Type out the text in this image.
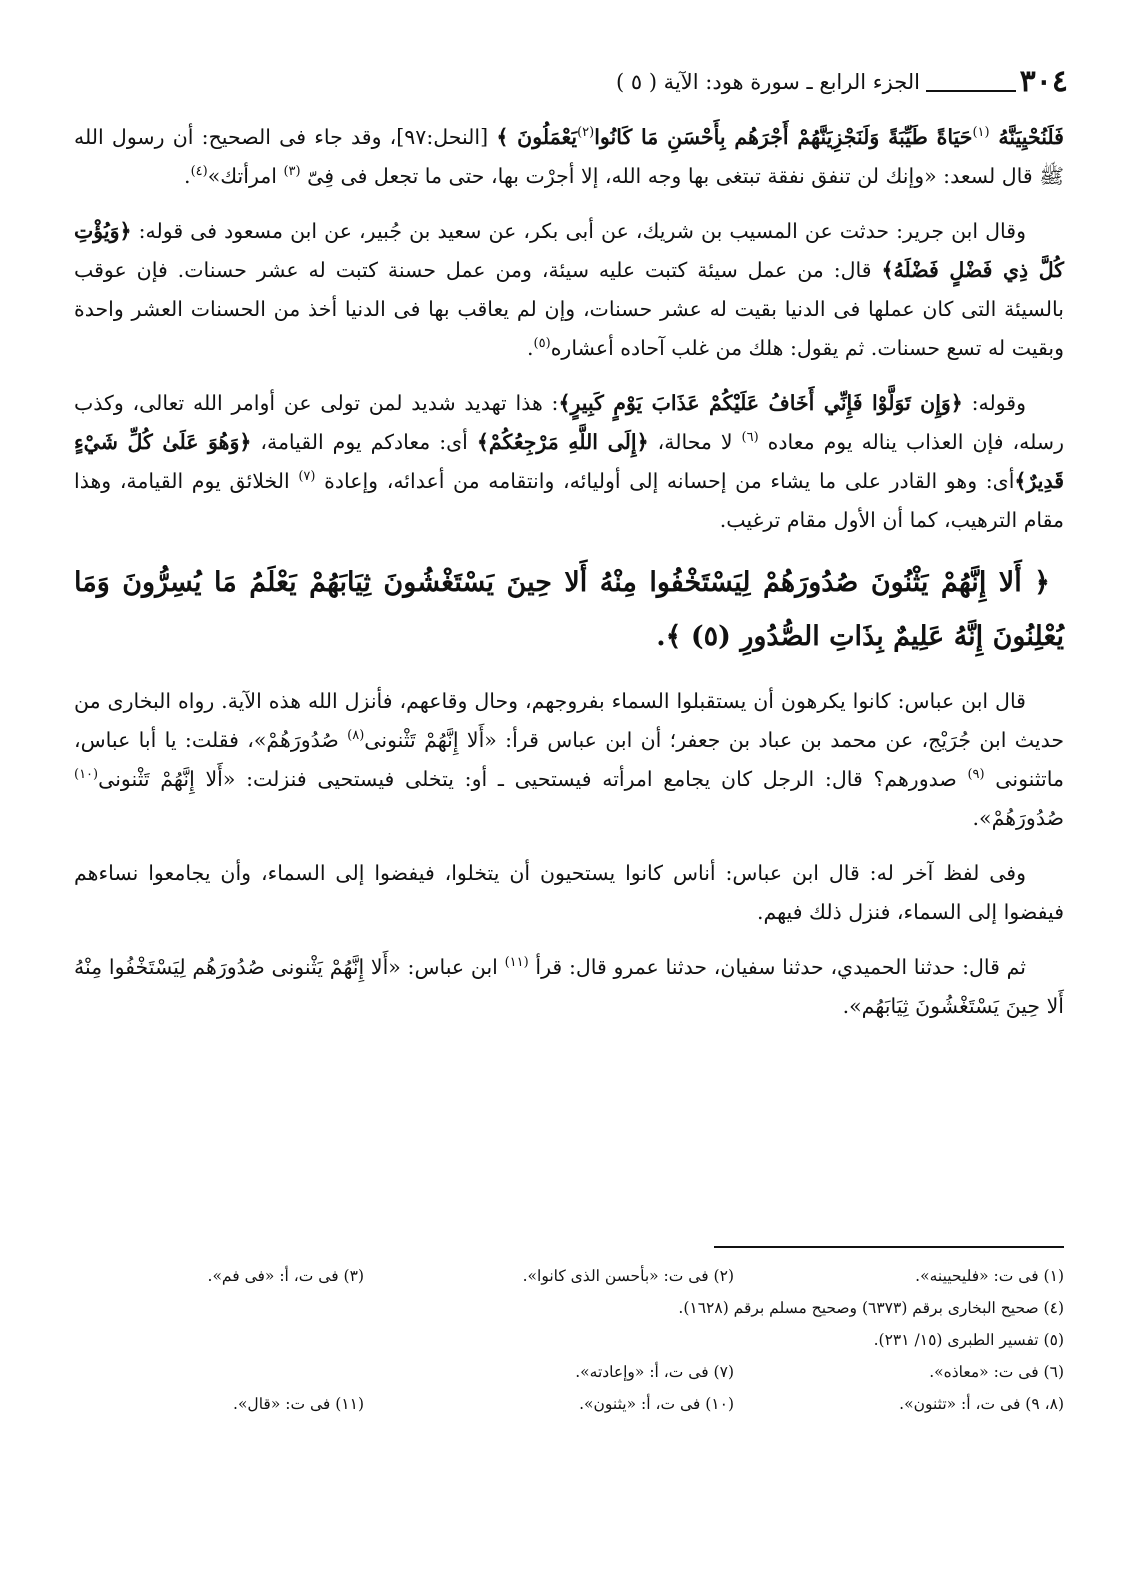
٣٠٤
الجزء الرابع ـ سورة هود: الآية ( ٥ )

فَلَنُحْيِيَنَّهُ $^{(١)}$حَيَاةً طَيِّبَةً وَلَنَجْزِيَنَّهُمْ أَجْرَهُم بِأَحْسَنِ مَا كَانُوا$^{(٢)}$يَعْمَلُونَ ﴾ [النحل:٩٧]، وقد جاء فى الصحيح: أن رسول الله ﷺ قال لسعد: «وإنك لن تنفق نفقة تبتغى بها وجه الله، إلا أجرْت بها، حتى ما تجعل فى فِىّ $^{(٣)}$ امرأتك»$^{(٤)}$.

وقال ابن جرير: حدثت عن المسيب بن شريك، عن أبى بكر، عن سعيد بن جُبير، عن ابن مسعود فى قوله: ﴿وَيُؤْتِ كُلَّ ذِي فَضْلٍ فَضْلَهُ﴾ قال: من عمل سيئة كتبت عليه سيئة، ومن عمل حسنة كتبت له عشر حسنات. فإن عوقب بالسيئة التى كان عملها فى الدنيا بقيت له عشر حسنات، وإن لم يعاقب بها فى الدنيا أخذ من الحسنات العشر واحدة وبقيت له تسع حسنات. ثم يقول: هلك من غلب آحاده أعشاره$^{(٥)}$.

وقوله: ﴿وَإِن تَوَلَّوْا فَإِنِّي أَخَافُ عَلَيْكُمْ عَذَابَ يَوْمٍ كَبِيرٍ﴾: هذا تهديد شديد لمن تولى عن أوامر الله تعالى، وكذب رسله، فإن العذاب يناله يوم معاده $^{(٦)}$ لا محالة، ﴿إِلَى اللَّهِ مَرْجِعُكُمْ﴾ أى: معادكم يوم القيامة، ﴿وَهُوَ عَلَىٰ كُلِّ شَيْءٍ قَدِيرٌ﴾أى: وهو القادر على ما يشاء من إحسانه إلى أوليائه، وانتقامه من أعدائه، وإعادة $^{(٧)}$ الخلائق يوم القيامة، وهذا مقام الترهيب، كما أن الأول مقام ترغيب.

﴿ أَلا إِنَّهُمْ يَثْنُونَ صُدُورَهُمْ لِيَسْتَخْفُوا مِنْهُ أَلا حِينَ يَسْتَغْشُونَ ثِيَابَهُمْ يَعْلَمُ مَا يُسِرُّونَ وَمَا يُعْلِنُونَ إِنَّهُ عَلِيمٌ بِذَاتِ الصُّدُورِ (٥) ﴾.

قال ابن عباس: كانوا يكرهون أن يستقبلوا السماء بفروجهم، وحال وقاعهم، فأنزل الله هذه الآية. رواه البخارى من حديث ابن جُرَيْج، عن محمد بن عباد بن جعفر؛ أن ابن عباس قرأ: «أَلا إِنَّهُمْ تَثْنونى$^{(٨)}$ صُدُورَهُمْ»، فقلت: يا أبا عباس، ماتثنونى $^{(٩)}$ صدورهم؟ قال: الرجل كان يجامع امرأته فيستحيى ـ أو: يتخلى فيستحيى فنزلت: «أَلا إِنَّهُمْ تَثْنونى$^{(١٠)}$ صُدُورَهُمْ».

وفى لفظ آخر له: قال ابن عباس: أناس كانوا يستحيون أن يتخلوا، فيفضوا إلى السماء، وأن يجامعوا نساءهم فيفضوا إلى السماء، فنزل ذلك فيهم.

ثم قال: حدثنا الحميدي، حدثنا سفيان، حدثنا عمرو قال: قرأ $^{(١١)}$ ابن عباس: «أَلا إِنَّهُمْ يَثْنونى صُدُورَهُم لِيَسْتَخْفُوا مِنْهُ أَلا حِينَ يَسْتَغْشُونَ ثِيَابَهُم».

(١) فى ت: «فليحيينه».
(٢) فى ت: «بأحسن الذى كانوا».
(٣) فى ت، أ: «فى فم».
(٤) صحيح البخارى برقم (٦٣٧٣) وصحيح مسلم برقم (١٦٢٨).
(٥) تفسير الطبرى (١٥/ ٢٣١).
(٦) فى ت: «معاذه».
(٧) فى ت، أ: «وإعادته».
(٨، ٩) فى ت، أ: «تثنون».
(١٠) فى ت، أ: «يثنون».
(١١) فى ت: «قال».
